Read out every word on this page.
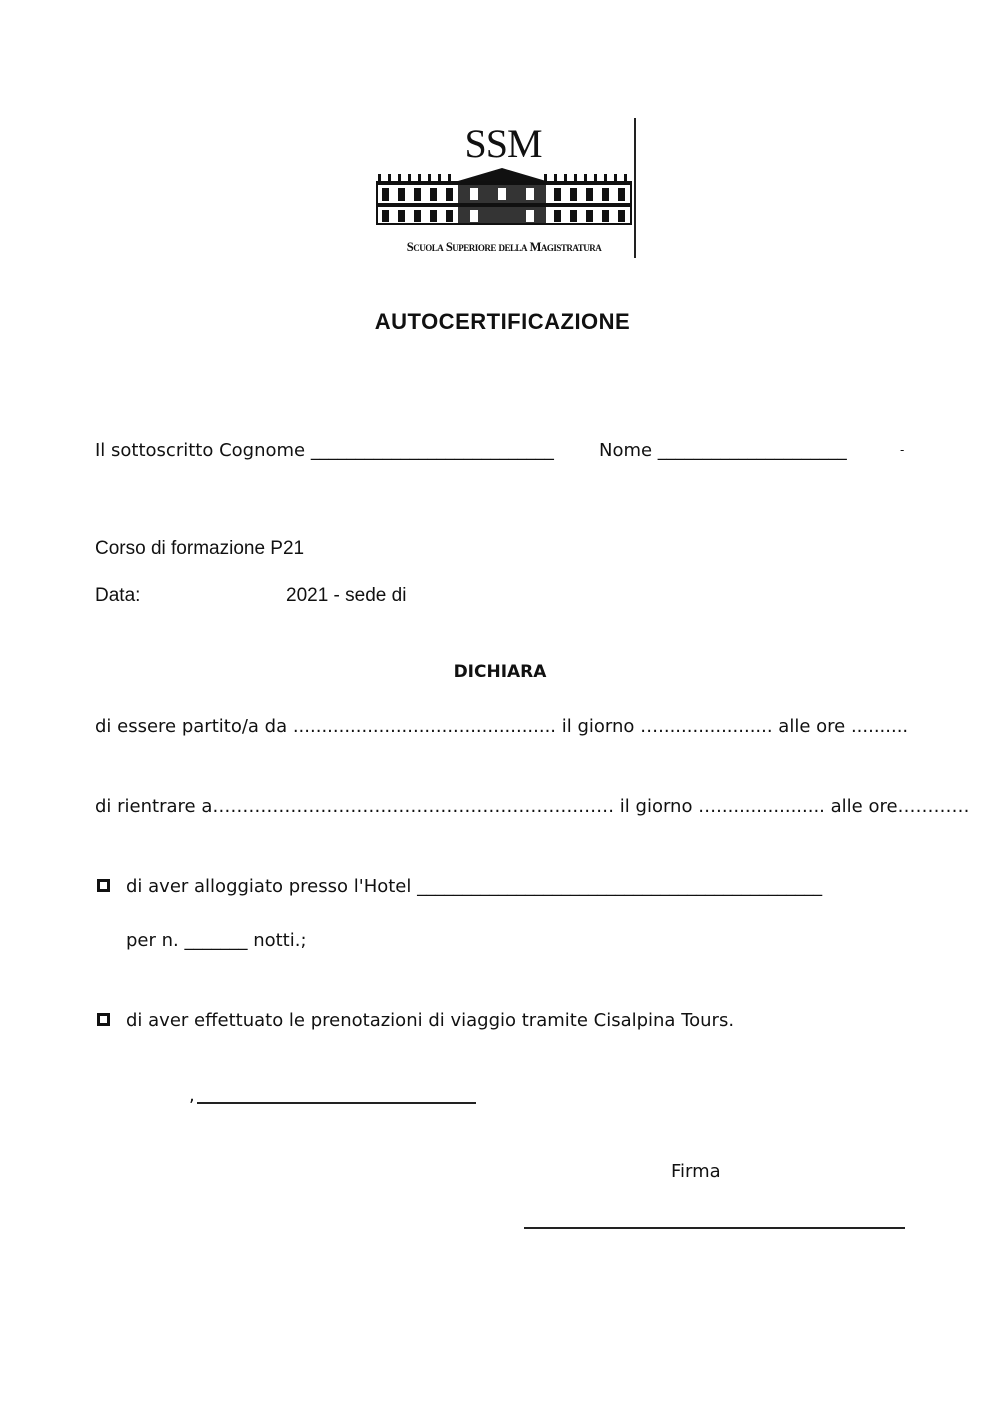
SSM
Scuola Superiore della Magistratura
AUTOCERTIFICAZIONE
Il sottoscritto Cognome ___________________________	Nome _____________________	-
Corso di formazione P21
Data:	2021 - sede di
DICHIARA
di essere partito/a da .............................................. il giorno ….................... alle ore ..........
di rientrare a…………………………………………………….…… il giorno …................... alle ore…………
di aver alloggiato presso l'Hotel _____________________________________________
per n. _______ notti.;
di aver effettuato le prenotazioni di viaggio tramite Cisalpina Tours.
,
Firma
